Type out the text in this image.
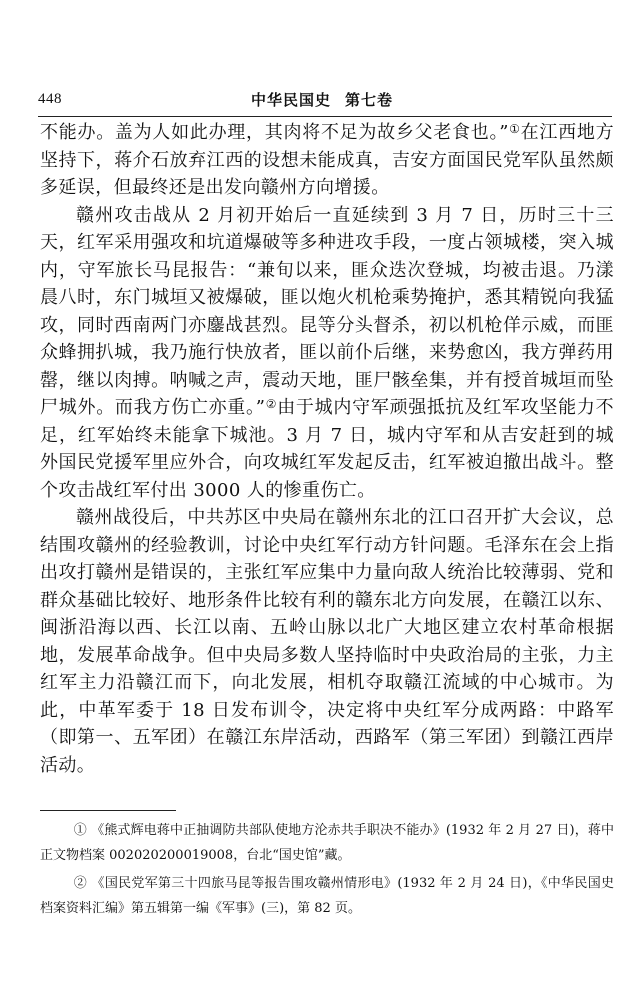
448	中华民国史 第七卷

不能办。盖为人如此办理，其肉将不足为故乡父老食也。”①在江西地方坚持下，蒋介石放弃江西的设想未能成真，吉安方面国民党军队虽然颇多延误，但最终还是出发向赣州方向增援。

赣州攻击战从 2 月初开始后一直延续到 3 月 7 日，历时三十三天，红军采用强攻和坑道爆破等多种进攻手段，一度占领城楼，突入城内，守军旅长马昆报告：“兼旬以来，匪众迭次登城，均被击退。乃漾晨八时，东门城垣又被爆破，匪以炮火机枪乘势掩护，悉其精锐向我猛攻，同时西南两门亦鏖战甚烈。昆等分头督杀，初以机枪佯示威，而匪众蜂拥扒城，我乃施行快放者，匪以前仆后继，来势愈凶，我方弹药用罄，继以肉搏。呐喊之声，震动天地，匪尸骸垒集，并有授首城垣而坠尸城外。而我方伤亡亦重。”②由于城内守军顽强抵抗及红军攻坚能力不足，红军始终未能拿下城池。3 月 7 日，城内守军和从吉安赶到的城外国民党援军里应外合，向攻城红军发起反击，红军被迫撤出战斗。整个攻击战红军付出 3000 人的惨重伤亡。

赣州战役后，中共苏区中央局在赣州东北的江口召开扩大会议，总结围攻赣州的经验教训，讨论中央红军行动方针问题。毛泽东在会上指出攻打赣州是错误的，主张红军应集中力量向敌人统治比较薄弱、党和群众基础比较好、地形条件比较有利的赣东北方向发展，在赣江以东、闽浙沿海以西、长江以南、五岭山脉以北广大地区建立农村革命根据地，发展革命战争。但中央局多数人坚持临时中央政治局的主张，力主红军主力沿赣江而下，向北发展，相机夺取赣江流域的中心城市。为此，中革军委于 18 日发布训令，决定将中央红军分成两路：中路军（即第一、五军团）在赣江东岸活动，西路军（第三军团）到赣江西岸活动。

① 《熊式辉电蒋中正抽调防共部队使地方沦赤共手职决不能办》(1932 年 2 月 27 日)，蒋中正文物档案 002020200019008，台北“国史馆”藏。

② 《国民党军第三十四旅马昆等报告围攻赣州情形电》(1932 年 2 月 24 日)，《中华民国史档案资料汇编》第五辑第一编《军事》(三)，第 82 页。
